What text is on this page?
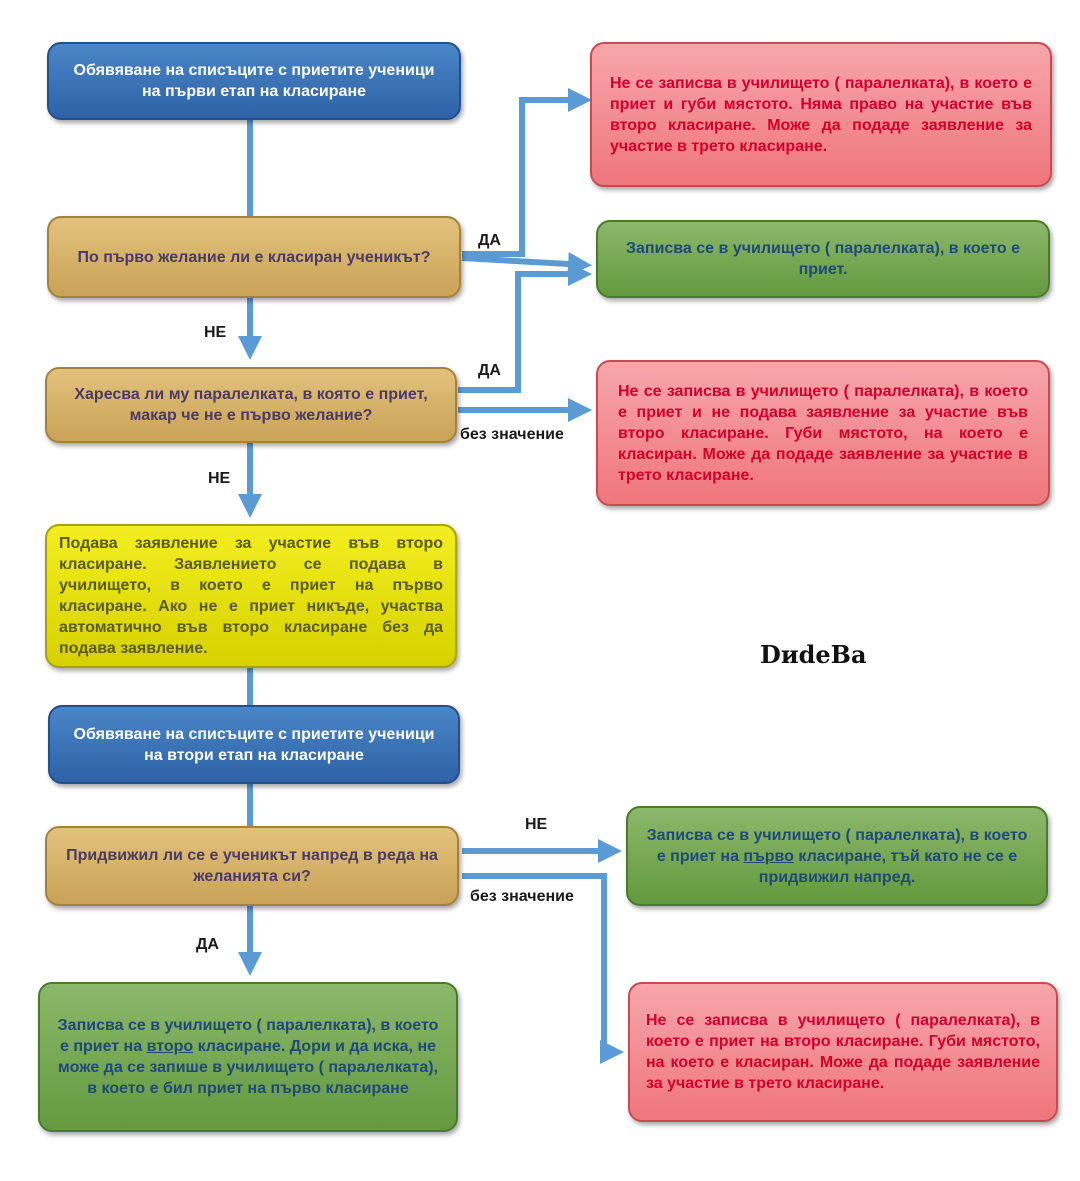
Обявяване на списъците с приетите ученици на първи етап на класиране
По първо желание ли е класиран ученикът?
Харесва ли му паралелката, в която е приет, макар че не е първо желание?
Подава заявление за участие във второ класиране. Заявлението се подава в училището, в което е приет на първо класиране. Ако не е приет никъде, участва автоматично във второ класиране без да подава заявление.
Обявяване на списъците с приетите ученици на втори етап на класиране
Придвижил ли се е ученикът напред в реда на желанията си?
Не се записва в училището ( паралелката), в което е приет и губи мястото. Няма право на участие във второ класиране. Може да подаде заявление за участие в трето класиране.
Записва се в училището ( паралелката), в което е приет.
Не се записва в училището ( паралелката), в което е приет и не подава заявление за участие във второ класиране. Губи мястото, на което е класиран. Може да подаде заявление за участие в трето класиране.
Записва се в училището ( паралелката), в което е приет на първо класиране, тъй като не се е придвижил напред.
Записва се в училището ( паралелката), в което е приет на второ класиране. Дори и да иска, не може да се запише в училището ( паралелката), в което е бил приет на първо класиране
Не се записва в училището ( паралелката), в което е приет на второ класиране. Губи мястото, на което е класиран. Може да подаде заявление за участие в трето класиране.
ДА
НЕ
ДА
без значение
НЕ
НЕ
без значение
ДА
DиdeBa
